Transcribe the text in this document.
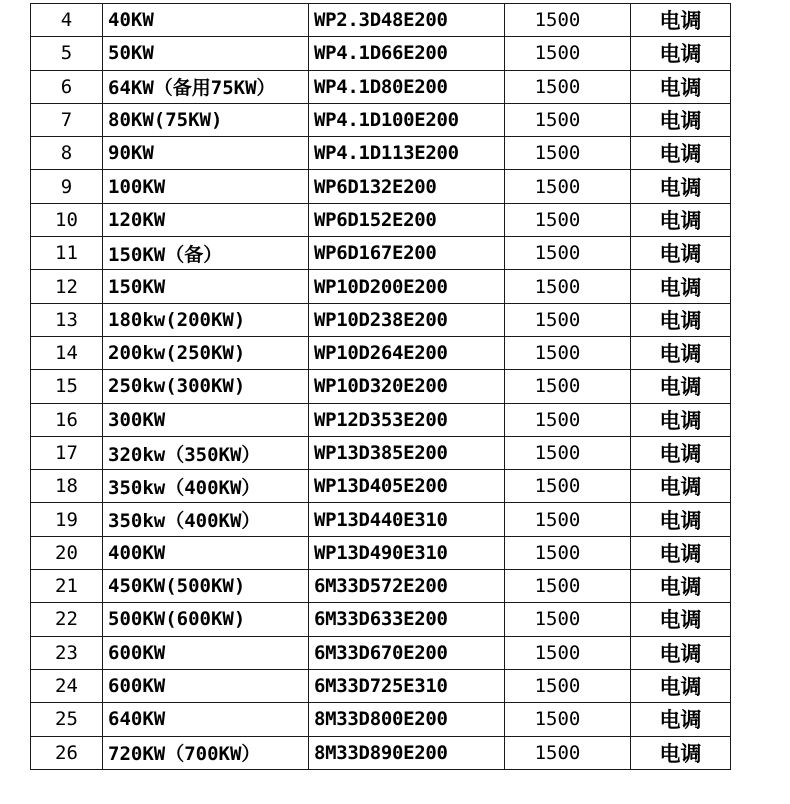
4	40KW	WP2.3D48E200	1500	电调
5	50KW	WP4.1D66E200	1500	电调
6	64KW（备用75KW）	WP4.1D80E200	1500	电调
7	80KW(75KW)	WP4.1D100E200	1500	电调
8	90KW	WP4.1D113E200	1500	电调
9	100KW	WP6D132E200	1500	电调
10	120KW	WP6D152E200	1500	电调
11	150KW（备）	WP6D167E200	1500	电调
12	150KW	WP10D200E200	1500	电调
13	180kw(200KW)	WP10D238E200	1500	电调
14	200kw(250KW)	WP10D264E200	1500	电调
15	250kw(300KW)	WP10D320E200	1500	电调
16	300KW	WP12D353E200	1500	电调
17	320kw（350KW）	WP13D385E200	1500	电调
18	350kw（400KW）	WP13D405E200	1500	电调
19	350kw（400KW）	WP13D440E310	1500	电调
20	400KW	WP13D490E310	1500	电调
21	450KW(500KW)	6M33D572E200	1500	电调
22	500KW(600KW)	6M33D633E200	1500	电调
23	600KW	6M33D670E200	1500	电调
24	600KW	6M33D725E310	1500	电调
25	640KW	8M33D800E200	1500	电调
26	720KW（700KW）	8M33D890E200	1500	电调
